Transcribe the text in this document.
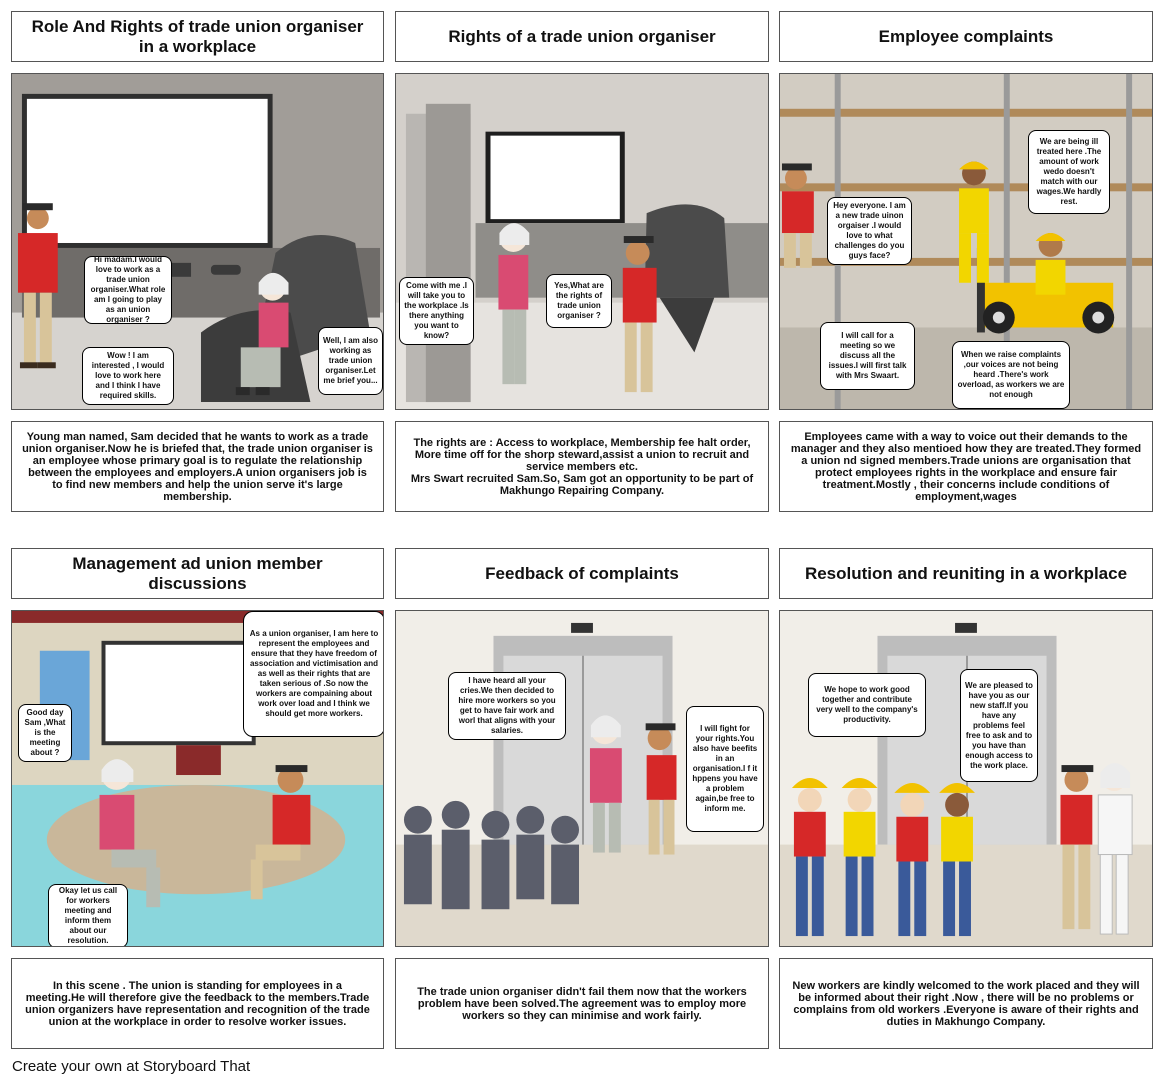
Role And Rights of trade union organiser in a workplace
Rights of a trade union organiser	Employee complaints
Hi madam.I would love to work as a trade union organiser.What role am I going to play as an union organiser ?
Wow ! I am interested , I would love to work here and I think I have required skills.
Well, I am also working as trade union organiser.Let me brief you...
Come with me .I will take you to the workplace .Is there anything you want to know?
Yes,What are the rights of trade union organiser ?
Hey everyone. I am a new trade uinon orgaiser .I would love to what challenges do you guys face?
We are being ill treated here .The amount of work wedo doesn't match with our wages.We hardly rest.
I will call for a meeting so we discuss all the issues.I will first talk with Mrs Swaart.
When we raise complaints ,our voices are not being heard .There's work overload, as workers we are not enough
Young man named, Sam decided that he wants to work as a trade union organiser.Now he is briefed that, the trade union organiser is an employee whose primary goal is to regulate the relationship between the employees and employers.A union organisers job is to find new members and help the union serve it's large membership.
The rights are : Access to workplace, Membership fee halt order, More time off for the shorp steward,assist a union to recruit and service members etc.
Mrs Swart recruited Sam.So, Sam got an opportunity to be part of Makhungo Repairing Company.
Employees came with a way to voice out their demands to the manager and they also mentioed how they are treated.They formed a union nd signed members.Trade unions are organisation that protect employees rights in the workplace and ensure fair treatment.Mostly , their concerns include conditions of employment,wages
Management ad union member discussions
Feedback of complaints	Resolution and reuniting in a workplace
Good day Sam ,What is the meeting about ?
As a union organiser, I am here to represent the employees and ensure that they have freedom of association and victimisation and as well as their rights that are taken serious of .So now the workers are compaining about work over load and I think we should get more workers.
Okay let us call for workers meeting and inform them about our resolution.
I have heard all your cries.We then decided to hire more workers so you get to have fair work and worl that aligns with your salaries.	I will fight for your rights.You also have beefits in an organisation.I f it hppens you have a problem again,be free to inform me.
We hope to work good together and contribute very well to the company's productivity.
We are pleased to have you as our new staff.If you have any problems feel free to ask and to you have than enough access to the work place.
In this scene . The union is standing for employees in a meeting.He will therefore give the feedback to the members.Trade union organizers have representation and recognition of the trade union at the workplace in order to resolve worker issues.
The trade union organiser didn't fail them now that the workers problem have been solved.The agreement was to employ more workers so they can minimise and work fairly.
New workers are kindly welcomed to the work placed and they will be informed about their right .Now , there will be no problems or complains from old workers .Everyone is aware of their rights and duties in Makhungo Company.
Create your own at Storyboard That
